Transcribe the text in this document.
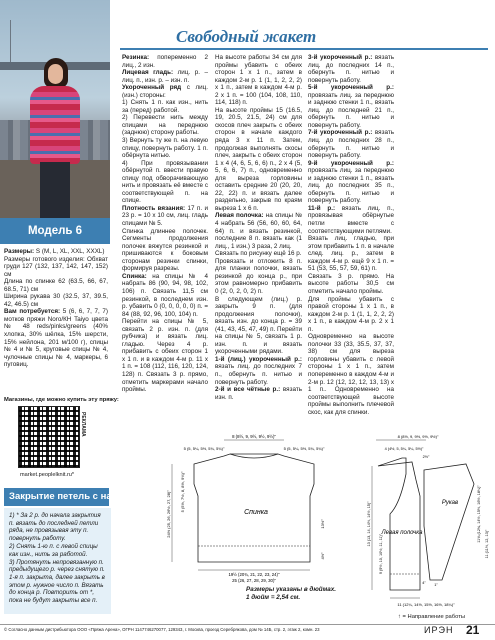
Модель 6
Свободный жакет

Размеры: S (M, L, XL, XXL, XXXL)

Размеры готового изделия: Обхват груди 127 (132, 137, 142, 147, 152) см

Длина по спинке 62 (63.5, 66, 67, 68.5, 71) см

Ширина рукава 30 (32.5, 37, 39.5, 42, 46.5) см

Вам потребуется: 5 (6, 6, 7, 7, 7) мотков пряжи Noro/КН Taiyo цвета № 48 reds/pinks/greens (40% хлопка, 30% шёлка, 15% шерсти, 15% нейлона, 201 м/100 г), спицы № 4 и № 5, круговые спицы № 4, чулочные спицы № 4, маркеры, 6 пуговиц.

Резинка: попеременно 2 лиц., 2 изн.

Лицевая гладь: лиц. р. – лиц. п., изн. р. – изн. п.

Укороченный ряд с лиц. (изн.) стороны:

1) Снять 1 п. как изн., нить за (перед) работой.

2) Перевести нить между спицами на переднюю (заднюю) сторону работы.

3) Вернуть ту же п. на левую спицу, повернуть работу. 1 п. обёрнута нитью.

4) При провязывании обёрнутой п. ввести правую спицу под обворачивающую нить и провязать её вместе с соответствующей п. на спице.

Плотность вязания: 17 п. и 23 р. = 10 х 10 см, лиц. гладь спицами № 5.

Спинка длиннее полочек. Сегменты продолжения полочек вяжутся резинкой и пришиваются к боковым сторонам резинки спинки, формируя разрезы.

Спинка: на спицы № 4 набрать 86 (90, 94, 98, 102, 106) п. Связать 11,5 см резинкой, в последнем изн. р. убавить 0 (0, 0, 0, 0, 0) п. = 84 (88, 92, 96, 100, 104) п.

Перейти на спицы № 5, связать 2 р. изн. п. (для рубчика) и вязать лиц. гладью. Через 4 р. прибавить с обеих сторон 1 х 1 п. и в каждом 4-м р. 11 х 1 п. = 108 (112, 116, 120, 124, 128) п. Связать 3 р. прямо, отметить маркерами начало проймы.

На высоте работы 34 см для проймы убавить с обеих сторон 1 х 1 п., затем в каждом 2-м р. 1 (1, 1, 2, 2, 2) х 1 п., затем в каждом 4-м р. 2 х 1 п. = 100 (104, 108, 110, 114, 118) п.

На высоте проймы 15 (16.5, 19, 20.5, 21.5, 24) см для скосов плеч закрыть с обеих сторон в начале каждого ряда 3 х 11 п. Затем, продолжая выполнять скосы плеч, закрыть с обеих сторон 1 х 4 (4, 6, 5, 6, 6) п., 2 х 4 (5, 5, 6, 6, 7) п., одновременно для выреза горловины оставить средние 20 (20, 20, 22, 22) п. и вязать далее раздельно, закрыв по краям выреза 1 х 6 п.

Левая полочка: на спицы № 4 набрать 56 (56, 60, 60, 64, 64) п. и вязать резинкой, последние 8 п. вязать как (1 лиц., 1 изн.) 3 раза, 2 лиц.

Связать по рисунку ещё 16 р.

Провязать и отложить 8 п. для планки полочки, вязать резинкой до конца р., при этом равномерно прибавить 0 (2, 0, 2, 0, 2) п.

В следующем (лиц.) р. закрыть 9 п. (для продолжения полочки), вязать изн. до конца р. = 39 (41, 43, 45, 47, 49) п. Перейти на спицы № 5, связать 1 р. изн. п. и вязать укороченными рядами.

1-й (лиц.) укороченный р.: вязать лиц. до последних 7 п., обернуть п. нитью и повернуть работу.

2-й и все чётные р.: вязать изн. п.

3-й укороченный р.: вязать лиц. до последних 14 п., обернуть п. нитью и повернуть работу.

5-й укороченный р.: провязать лиц. за переднюю и заднюю стенки 1 п., вязать лиц. до последней 21 п., обернуть п. нитью и повернуть работу.

7-й укороченный р.: вязать лиц. до последних 28 п., обернуть п. нитью и повернуть работу.

9-й укороченный р.: провязать лиц. за переднюю и заднюю стенки 1 п., вязать лиц. до последних 35 п., обернуть п. нитью и повернуть работу.

11-й р.: вязать лиц. п., провязывая обёрнутые петли вместе с соответствующими петлями.

Вязать лиц. гладью, при этом прибавить 1 п. в начале след. лиц. р., затем в каждом 4-м р. ещё 9 х 1 п. = 51 (53, 55, 57, 59, 61) п.

Связать 3 р. прямо. На высоте работы 30,5 см отметить начало проймы.

Для проймы убавить с правой стороны 1 х 1 п., в каждом 2-м р. 1 (1, 1, 2, 2, 2) х 1 п., в каждом 4-м р. 2 х 1 п.

Одновременно на высоте полочки 33 (33, 35.5, 37, 37, 38) см для выреза горловины убавить с левой стороны 1 х 1 п., затем попеременно в каждом 4-м и 2-м р. 12 (12, 12, 12, 13, 13) х 1 п.. Одновременно на соответствующей высоте проймы выполнить плечевой скос, как для спинки.

Магазины, где можно купить эту пряжу:
РЕКЛАМА
market.peoplelknit.ru*
Закрытие петель с наклоном

1) * За 2 р. до начала закрытия п. вязать до последней петли ряда, не провязывая эту п. повернуть работу.

2) Снять 1-ю п. с левой спицы как изн., нить за работой.

3) Протянуть непровязанную п. предыдущего р. через снятую п. 1-я п. закрыта, далее закрыть в этом р. нужное число п. Вязать до конца р. Повторить от *, пока не будут закрыты все п.

Спинка
8 (8½, 9, 9½, 9½, 9½)"
5 (5, 5¼, 5½, 5¾, 5¾)"	5 (5, 5¼, 5½, 5¾, 5¾)"
24½ (25, 26, 26½, 27, 28)" 5 (5½, 7½, 8, 8½, 9¾)"
13½"
4½"
19½ (20¾, 21, 22, 23, 24)"
25 (26, 27, 28, 29, 30)"
Левая полочка
Рукав
8 (8½, 9, 9½, 9½, 9½)"
4 (4½, 5, 5¼, 5¼, 5½)"
2½"
13 (13, 14, 14½, 14½, 15)"
9 (9½, 10, 10½, 11, 11)"
11¾ (12¾, 14½, 15½, 16½, 18¼)"
11 (11½, 12, 13)"
4" 1"
11 (12¼, 14½, 15½, 16½, 18¼)"
Размеры указаны в дюймах.
1 дюйм = 2,54 см.
↑ = Направление работы
© Согласно данным дистрибьютора ООО «Пряжа Арена», ОГРН 1147746270077, 129343, г. Москва, проезд Серебрякова, дом № 14Б, стр. 2, этаж 2, комн. 23	ИРЭН 21
